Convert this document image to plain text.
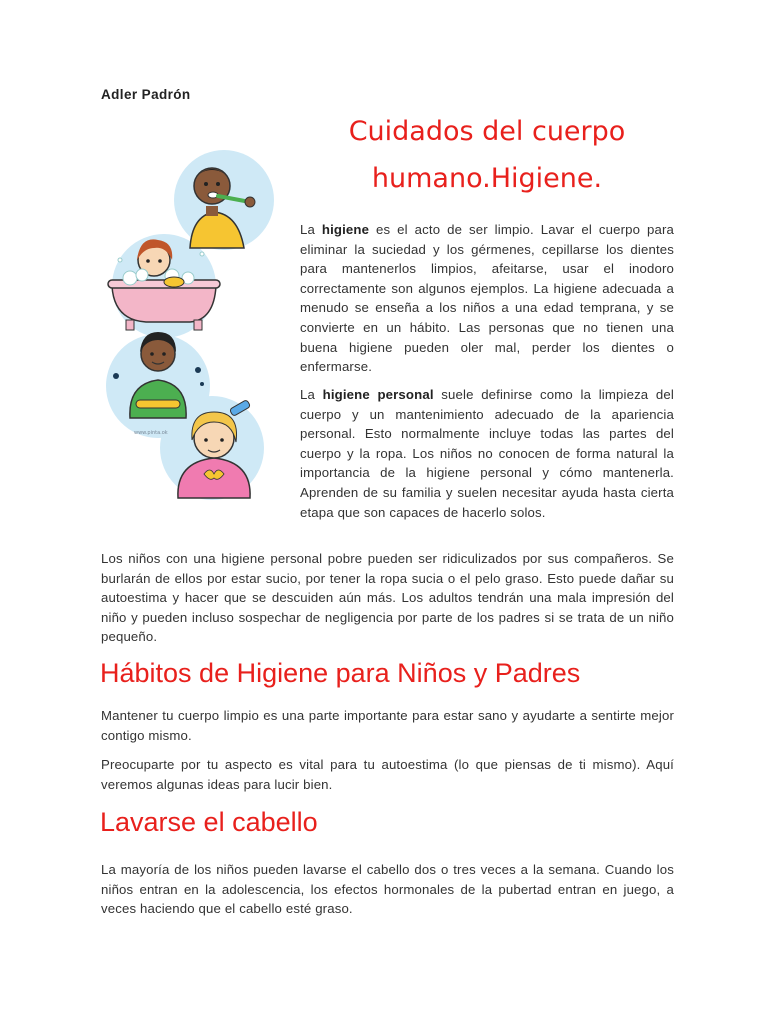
Adler Padrón
Cuidados del cuerpo
humano.Higiene.
www.pinta.ok

La higiene es el acto de ser limpio. Lavar el cuerpo para eliminar la suciedad y los gérmenes, cepillarse los dientes para mantenerlos limpios, afeitarse, usar el inodoro correctamente son algunos ejemplos. La higiene adecuada a menudo se enseña a los niños a una edad temprana, y se convierte en un hábito. Las personas que no tienen una buena higiene pueden oler mal, perder los dientes o enfermarse.

La higiene personal suele definirse como la limpieza del cuerpo y un mantenimiento adecuado de la apariencia personal. Esto normalmente incluye todas las partes del cuerpo y la ropa. Los niños no conocen de forma natural la importancia de la higiene personal y cómo mantenerla. Aprenden de su familia y suelen necesitar ayuda hasta cierta etapa que son capaces de hacerlo solos.

Los niños con una higiene personal pobre pueden ser ridiculizados por sus compañeros. Se burlarán de ellos por estar sucio, por tener la ropa sucia o el pelo graso. Esto puede dañar su autoestima y hacer que se descuiden aún más. Los adultos tendrán una mala impresión del niño y pueden incluso sospechar de negligencia por parte de los padres si se trata de un niño pequeño.

Hábitos de Higiene para Niños y Padres

Mantener tu cuerpo limpio es una parte importante para estar sano y ayudarte a sentirte mejor contigo mismo.

Preocuparte por tu aspecto es vital para tu autoestima (lo que piensas de ti mismo). Aquí veremos algunas ideas para lucir bien.

Lavarse el cabello

La mayoría de los niños pueden lavarse el cabello dos o tres veces a la semana. Cuando los niños entran en la adolescencia, los efectos hormonales de la pubertad entran en juego, a veces haciendo que el cabello esté graso.
